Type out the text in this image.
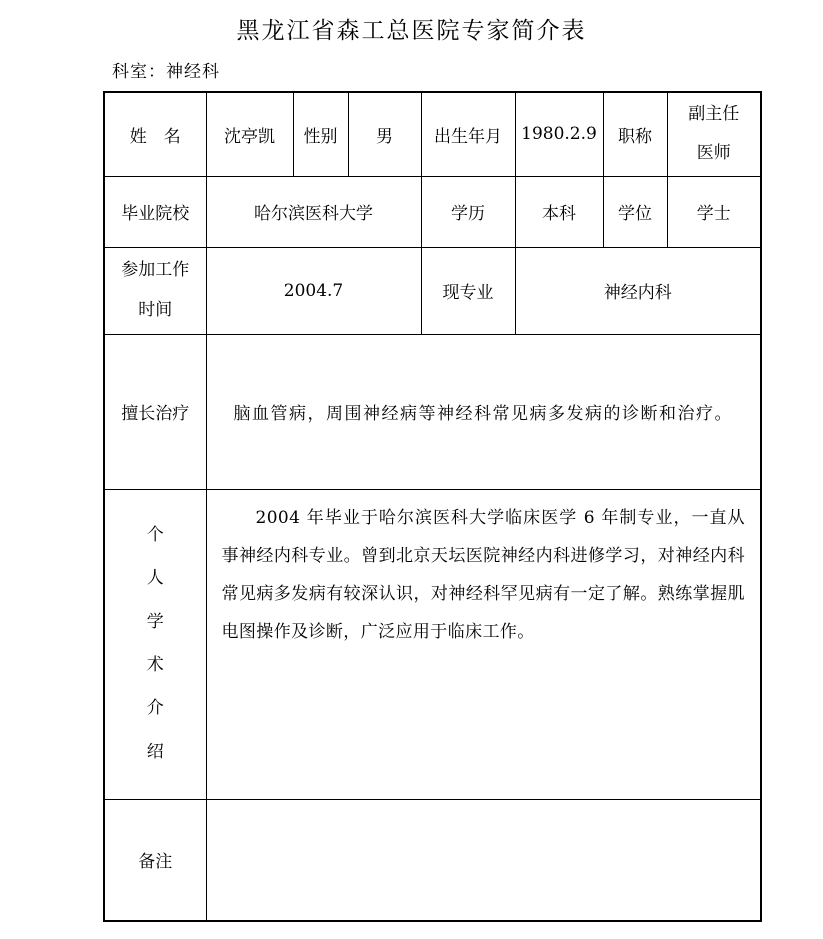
黑龙江省森工总医院专家简介表
科室：神经科
姓　名	沈亭凯	性别	男	出生年月	1980.2.9	职称	副主任医师

毕业院校	哈尔滨医科大学			学历	本科	学位	学士

参加工作时间	2004.7			现专业	神经内科		
擅长治疗	脑血管病，周围神经病等神经科常见病多发病的诊断和治疗。						

个人学术介绍	2004 年毕业于哈尔滨医科大学临床医学 6 年制专业，一直从事神经内科专业。曾到北京天坛医院神经内科进修学习，对神经内科常见病多发病有较深认识，对神经科罕见病有一定了解。熟练掌握肌电图操作及诊断，广泛应用于临床工作。						

备注							
